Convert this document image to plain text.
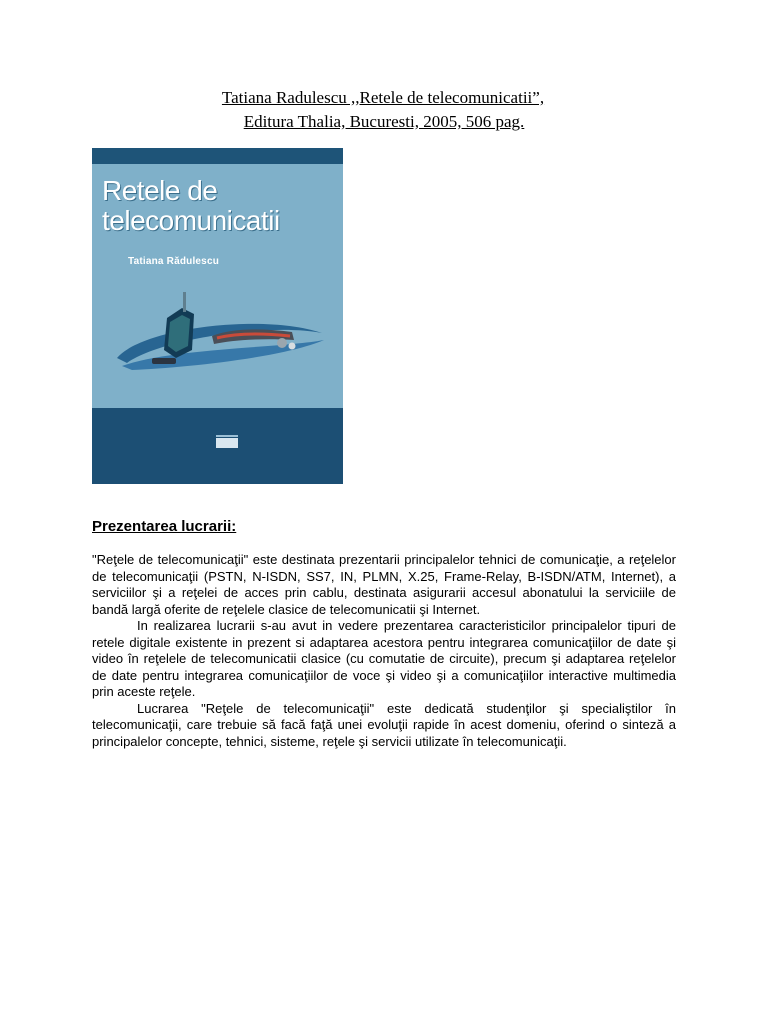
Tatiana Radulescu ,,Retele de telecomunicatii”,
Editura Thalia, Bucuresti, 2005, 506 pag.
Retele de
telecomunicatii
Tatiana Rădulescu
Prezentarea lucrarii:

"Reţele de telecomunicaţii" este destinata prezentarii principalelor tehnici de comunicaţie, a reţelelor de telecomunicaţii (PSTN, N-ISDN, SS7, IN, PLMN, X.25, Frame-Relay, B-ISDN/ATM, Internet), a serviciilor şi a reţelei de acces prin cablu, destinata asigurarii accesul abonatului la serviciile de bandă largă oferite de reţelele clasice de telecomunicatii şi Internet.

In realizarea lucrarii s-au avut in vedere prezentarea caracteristicilor principalelor tipuri de retele digitale existente in prezent si adaptarea acestora pentru integrarea comunicaţiilor de date şi video în reţelele de telecomunicatii clasice (cu comutatie de circuite), precum şi adaptarea reţelelor de date pentru integrarea comunicaţiilor de voce şi video şi a comunicaţiilor interactive multimedia prin aceste reţele.

Lucrarea "Reţele de telecomunicaţii" este dedicată studenţilor şi specialiştilor în telecomunicaţii, care trebuie să facă faţă unei evoluţii rapide în acest domeniu, oferind o sinteză a principalelor concepte, tehnici, sisteme, reţele şi servicii utilizate în telecomunicaţii.
